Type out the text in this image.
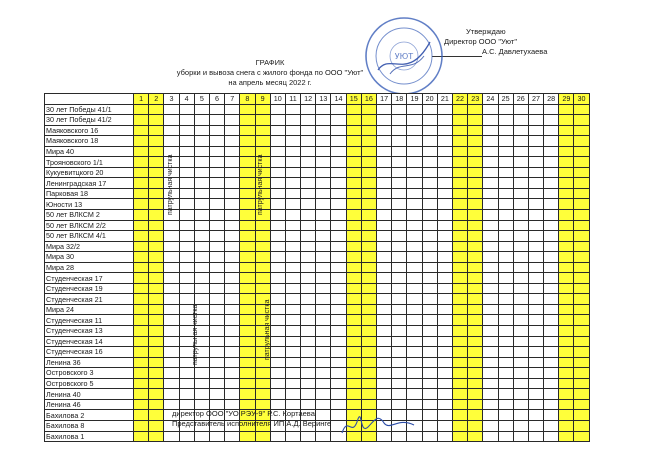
Утверждаю
Директор ООО "Уют"
А.С. Давлетухаева
УЮТ
ГРАФИК
уборки и вывоза снега с жилого фонда по ООО "Уют"
на апрель месяц 2022 г.
	1	2	3	4	5	6	7	8	9	10	11	12	13	14	15	16	17	18	19	20	21	22	23	24	25	26	27	28	29	30
30 лет Победы 41/1																														
30 лет Победы 41/2																														
Маяковского 16																														
Маяковского 18																														
Мира 40																														
Трояновского 1/1																														
Кукуевитцкого 20																														
Ленинградская 17																														
Парковая 18																														
Юности 13																														
50 лет ВЛКСМ 2																														
50 лет ВЛКСМ 2/2																														
50 лет ВЛКСМ 4/1																														
Мира 32/2																														
Мира 30																														
Мира 28																														
Студенческая 17																														
Студенческая 19																														
Студенческая 21																														
Мира 24																														
Студенческая 11																														
Студенческая 13																														
Студенческая 14																														
Студенческая 16																														
Ленина 36																														
Островского 3																														
Островского 5																														
Ленина 40																														
Ленина 46																														
Бахилова 2																														
Бахилова 8																														
Бахилова 1																														
директор ООО "УО РЭУ-9" Р.С. Кортаева
Представитель исполнителя ИП А.Д. Веринге
патрульная чистка	патрульная чистка
патрульная чистка	патрульная чистка
